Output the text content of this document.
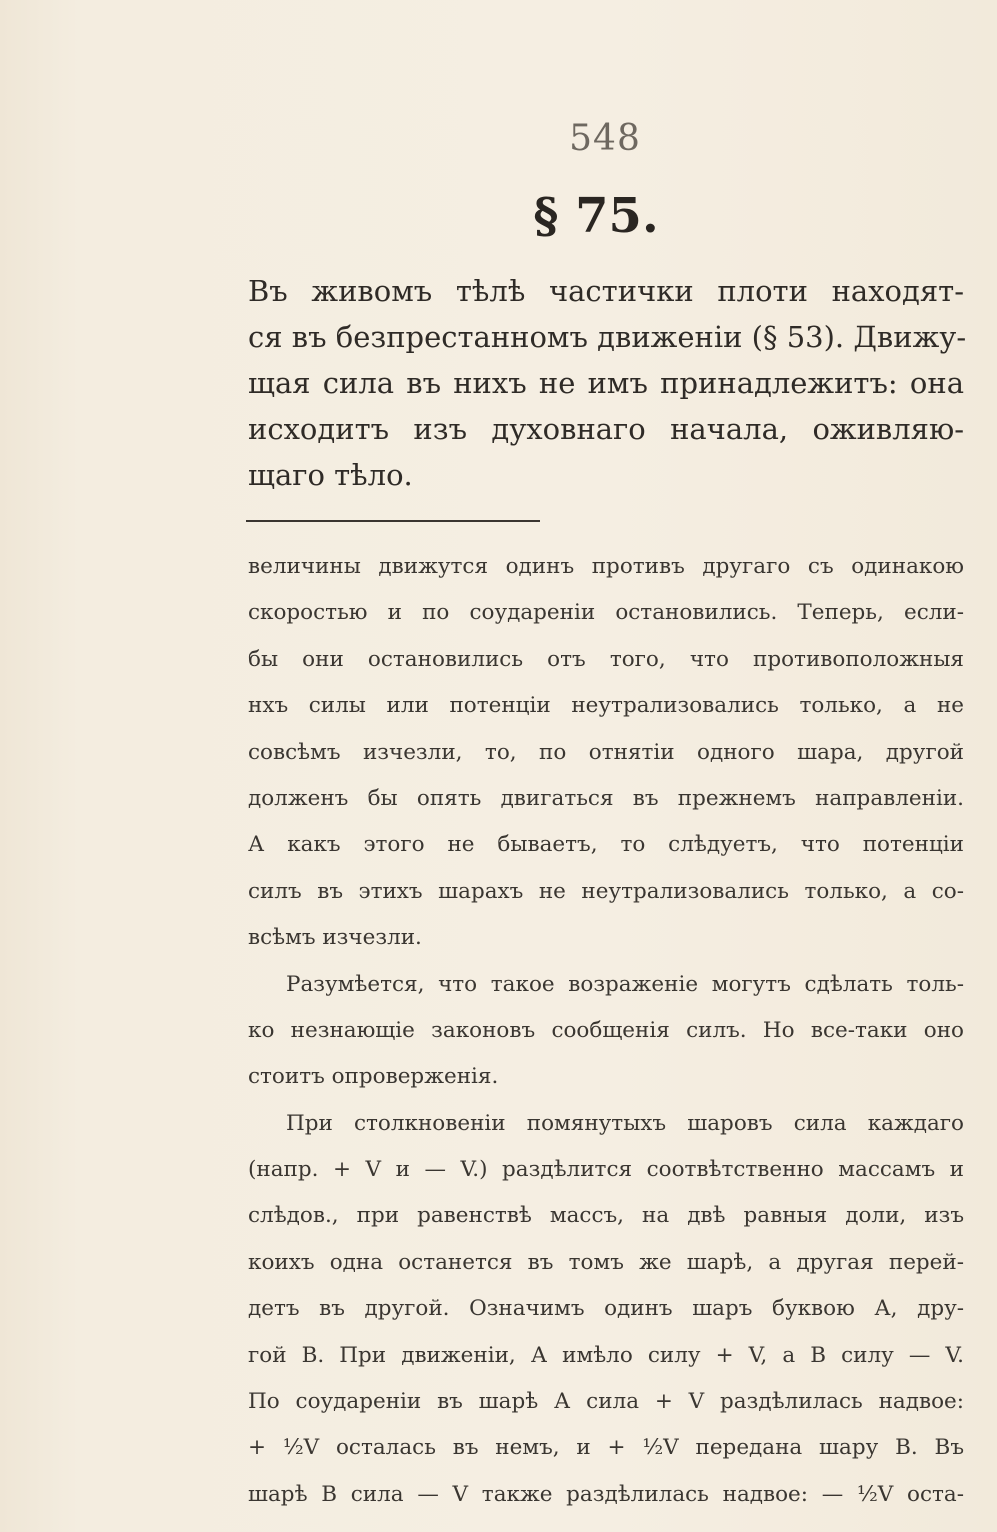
548
§ 75.
Въ живомъ тѣлѣ частички плоти находят-
ся въ безпрестанномъ движеніи (§ 53). Движу-
щая сила въ нихъ не имъ принадлежитъ: она
исходитъ изъ духовнаго начала, оживляю-
щаго тѣло.
величины движутся одинъ противъ другаго съ одинакою
скоростью и по соудареніи остановились. Теперь, если-
бы они остановились отъ того, что противоположныя
нхъ силы или потенціи неутрализовались только, а не
совсѣмъ изчезли, то, по отнятіи одного шара, другой
долженъ бы опять двигаться въ прежнемъ направленіи.
А какъ этого не бываетъ, то слѣдуетъ, что потенціи
силъ въ этихъ шарахъ не неутрализовались только, а со-
всѣмъ изчезли.
Разумѣется, что такое возраженіе могутъ сдѣлать толь-
ко незнающіе законовъ сообщенія силъ. Но все-таки оно
стоитъ опроверженія.
При столкновеніи помянутыхъ шаровъ сила каждаго
(напр. + V и — V.) раздѣлится соотвѣтственно массамъ и
слѣдов., при равенствѣ массъ, на двѣ равныя доли, изъ
коихъ одна останется въ томъ же шарѣ, а другая перей-
детъ въ другой. Означимъ одинъ шаръ буквою А, дру-
гой В. При движеніи, А имѣло силу + V, а В силу — V.
По соудареніи въ шарѣ А сила + V раздѣлилась надвое:
+ ½V осталась въ немъ, и + ½V передана шару В. Въ
шарѣ В сила — V также раздѣлилась надвое: — ½V оста-
